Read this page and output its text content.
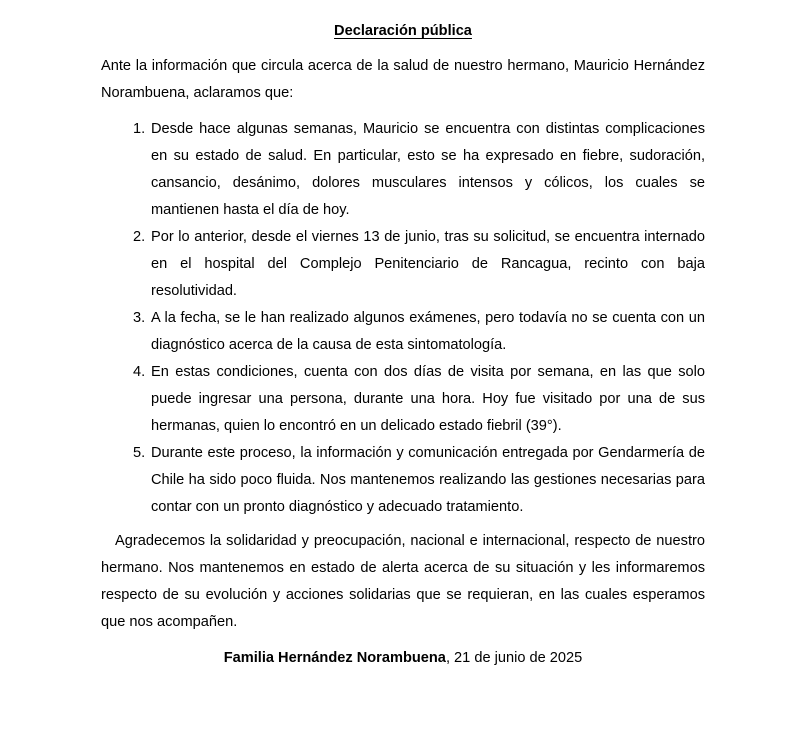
Declaración pública

Ante la información que circula acerca de la salud de nuestro hermano, Mauricio Hernández Norambuena, aclaramos que:

1. Desde hace algunas semanas, Mauricio se encuentra con distintas complicaciones en su estado de salud. En particular, esto se ha expresado en fiebre, sudoración, cansancio, desánimo, dolores musculares intensos y cólicos, los cuales se mantienen hasta el día de hoy.
2. Por lo anterior, desde el viernes 13 de junio, tras su solicitud, se encuentra internado en el hospital del Complejo Penitenciario de Rancagua, recinto con baja resolutividad.
3. A la fecha, se le han realizado algunos exámenes, pero todavía no se cuenta con un diagnóstico acerca de la causa de esta sintomatología.
4. En estas condiciones, cuenta con dos días de visita por semana, en las que solo puede ingresar una persona, durante una hora. Hoy fue visitado por una de sus hermanas, quien lo encontró en un delicado estado fiebril (39°).
5. Durante este proceso, la información y comunicación entregada por Gendarmería de Chile ha sido poco fluida. Nos mantenemos realizando las gestiones necesarias para contar con un pronto diagnóstico y adecuado tratamiento.

Agradecemos la solidaridad y preocupación, nacional e internacional, respecto de nuestro hermano. Nos mantenemos en estado de alerta acerca de su situación y les informaremos respecto de su evolución y acciones solidarias que se requieran, en las cuales esperamos que nos acompañen.

Familia Hernández Norambuena, 21 de junio de 2025
